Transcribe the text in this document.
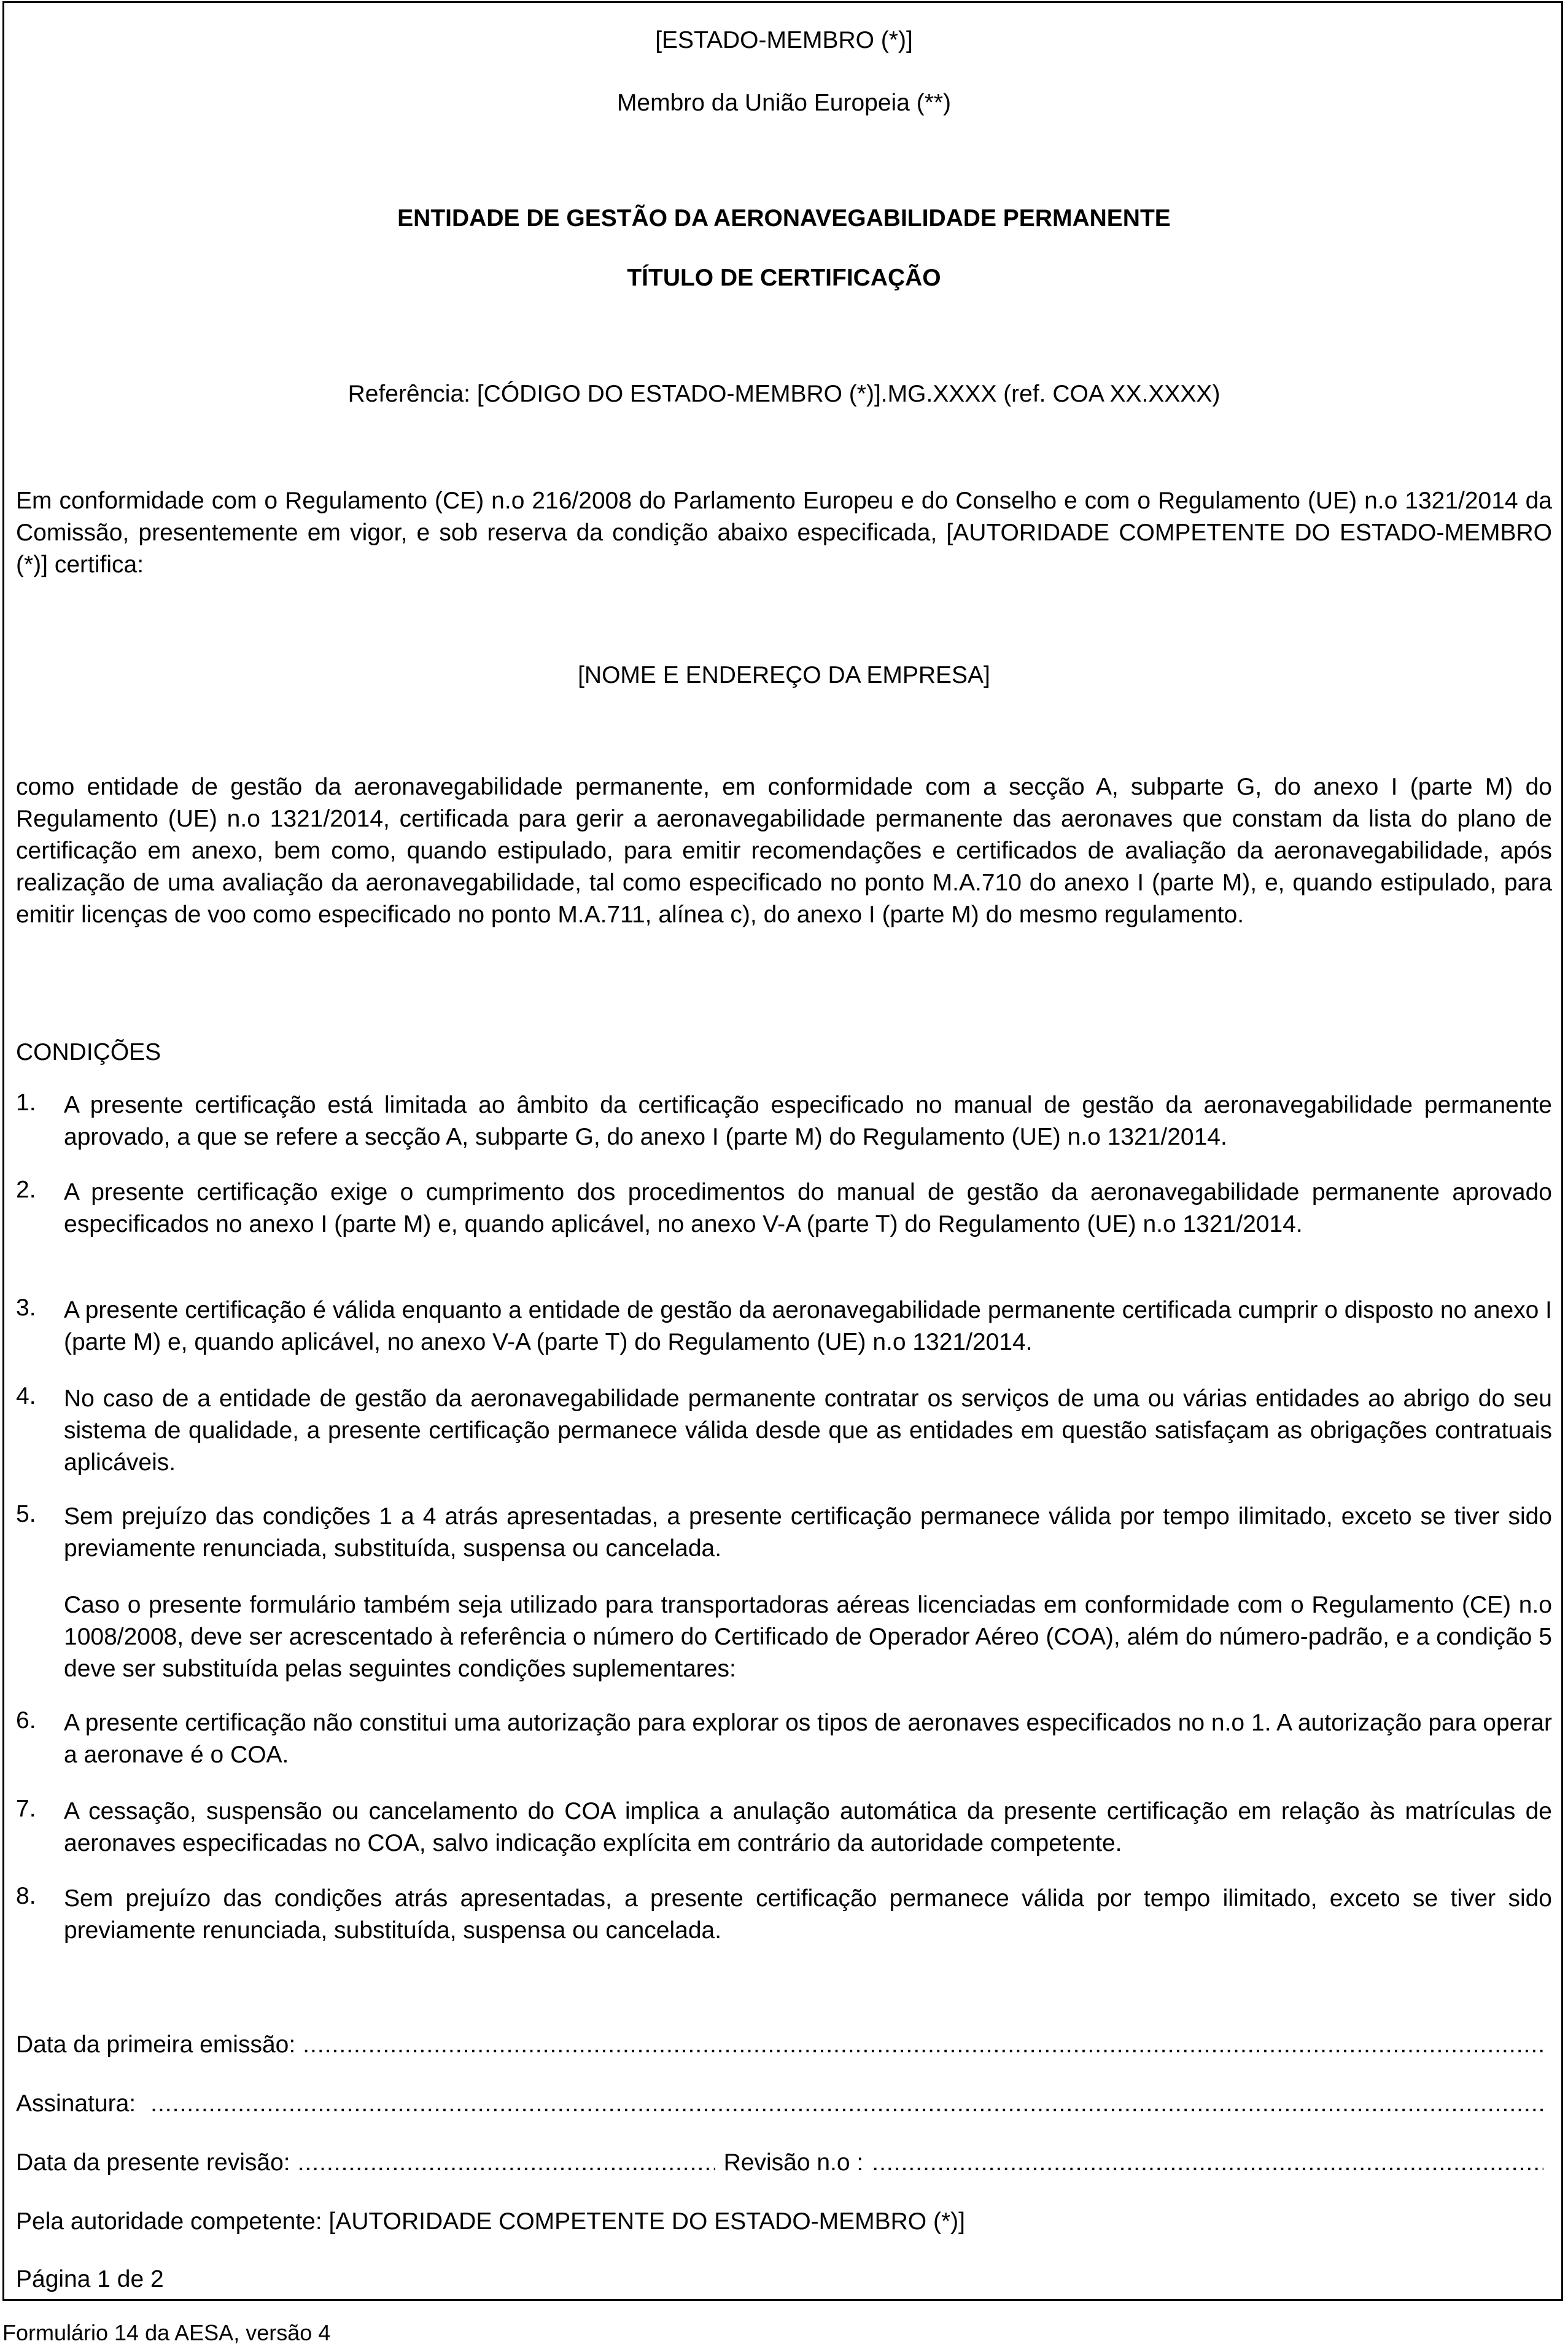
[ESTADO-MEMBRO (*)]
Membro da União Europeia (**)
ENTIDADE DE GESTÃO DA AERONAVEGABILIDADE PERMANENTE
TÍTULO DE CERTIFICAÇÃO
Referência: [CÓDIGO DO ESTADO-MEMBRO (*)].MG.XXXX (ref. COA XX.XXXX)
Em conformidade com o Regulamento (CE) n.o 216/2008 do Parlamento Europeu e do Conselho e com o Regulamento (UE) n.o 1321/2014 da Comissão, presentemente em vigor, e sob reserva da condição abaixo especificada, [AUTORIDADE COMPETENTE DO ESTADO-MEMBRO (*)] certifica:
[NOME E ENDEREÇO DA EMPRESA]
como entidade de gestão da aeronavegabilidade permanente, em conformidade com a secção A, subparte G, do anexo I (parte M) do Regulamento (UE) n.o 1321/2014, certificada para gerir a aeronavegabilidade permanente das aeronaves que constam da lista do plano de certificação em anexo, bem como, quando estipulado, para emitir recomendações e certificados de avaliação da aeronavegabilidade, após realização de uma avaliação da aeronavegabilidade, tal como especificado no ponto M.A.710 do anexo I (parte M), e, quando estipulado, para emitir licenças de voo como especificado no ponto M.A.711, alínea c), do anexo I (parte M) do mesmo regulamento.
CONDIÇÕES
1. A presente certificação está limitada ao âmbito da certificação especificado no manual de gestão da aeronavegabilidade permanente aprovado, a que se refere a secção A, subparte G, do anexo I (parte M) do Regulamento (UE) n.o 1321/2014.
2. A presente certificação exige o cumprimento dos procedimentos do manual de gestão da aeronavegabilidade permanente aprovado especificados no anexo I (parte M) e, quando aplicável, no anexo V-A (parte T) do Regulamento (UE) n.o 1321/2014.
3. A presente certificação é válida enquanto a entidade de gestão da aeronavegabilidade permanente certificada cumprir o disposto no anexo I (parte M) e, quando aplicável, no anexo V-A (parte T) do Regulamento (UE) n.o 1321/2014.
4. No caso de a entidade de gestão da aeronavegabilidade permanente contratar os serviços de uma ou várias entidades ao abrigo do seu sistema de qualidade, a presente certificação permanece válida desde que as entidades em questão satisfaçam as obrigações contratuais aplicáveis.
5. Sem prejuízo das condições 1 a 4 atrás apresentadas, a presente certificação permanece válida por tempo ilimitado, exceto se tiver sido previamente renunciada, substituída, suspensa ou cancelada.
Caso o presente formulário também seja utilizado para transportadoras aéreas licenciadas em conformidade com o Regulamento (CE) n.o 1008/2008, deve ser acrescentado à referência o número do Certificado de Operador Aéreo (COA), além do número-padrão, e a condição 5 deve ser substituída pelas seguintes condições suplementares:
6. A presente certificação não constitui uma autorização para explorar os tipos de aeronaves especificados no n.o 1. A autorização para operar a aeronave é o COA.
7. A cessação, suspensão ou cancelamento do COA implica a anulação automática da presente certificação em relação às matrículas de aeronaves especificadas no COA, salvo indicação explícita em contrário da autoridade competente.
8. Sem prejuízo das condições atrás apresentadas, a presente certificação permanece válida por tempo ilimitado, exceto se tiver sido previamente renunciada, substituída, suspensa ou cancelada.
Data da primeira emissão:
.....
Assinatura:
.....
Data da presente revisão:
.....	Revisão n.o :
.....
Pela autoridade competente: [AUTORIDADE COMPETENTE DO ESTADO-MEMBRO (*)]
Página 1 de 2
Formulário 14 da AESA, versão 4
